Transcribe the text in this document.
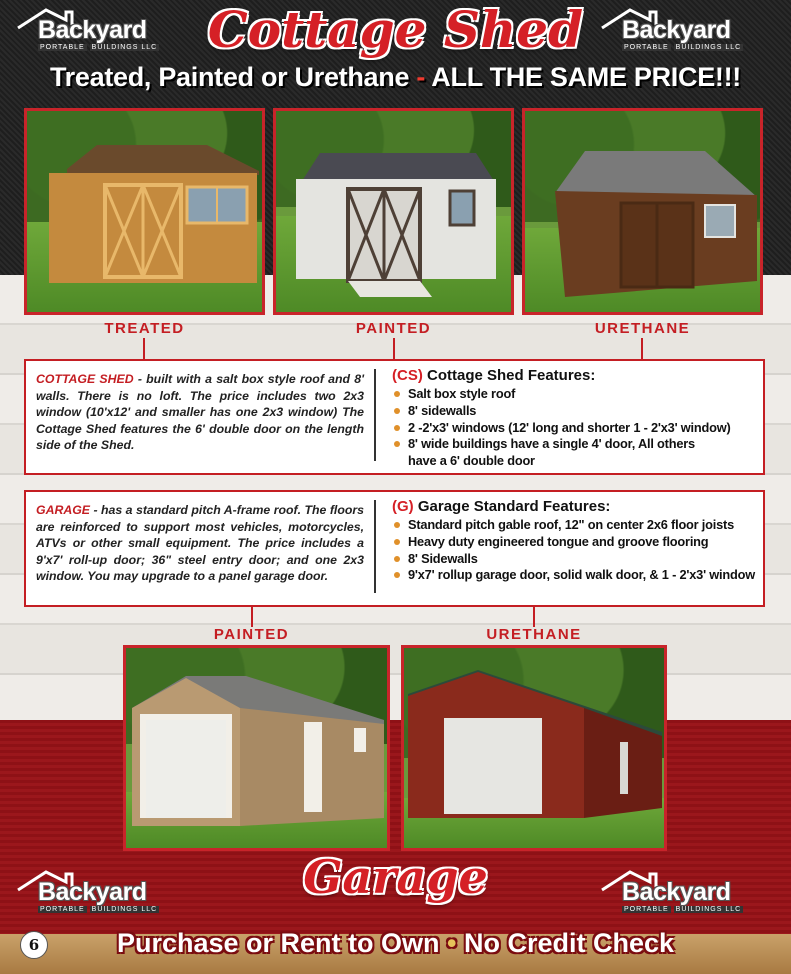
Backyard
PORTABLE BUILDINGS LLC
Backyard
PORTABLE BUILDINGS LLC
Cottage Shed
Treated, Painted or Urethane - ALL THE SAME PRICE!!!
TREATED	PAINTED	URETHANE
COTTAGE SHED - built with a salt box style roof and 8' walls. There is no loft. The price includes two 2x3 window (10'x12' and smaller has one 2x3 window) The Cottage Shed features the 6' double door on the length side of the Shed.
(CS) Cottage Shed Features:
Salt box style roof
8' sidewalls
2 -2'x3' windows (12' long and shorter 1 - 2'x3' window)
8' wide buildings have a single 4' door, All others have a 6' double door
GARAGE - has a standard pitch A-frame roof. The floors are reinforced to support most vehicles, motorcycles, ATVs or other small equipment. The price includes a 9'x7' roll-up door; 36" steel entry door; and one 2x3 window. You may upgrade to a panel garage door.
(G) Garage Standard Features:
Standard pitch gable roof, 12" on center 2x6 floor joists
Heavy duty engineered tongue and groove flooring
8' Sidewalls
9'x7' rollup garage door, solid walk door, & 1 - 2'x3' window
PAINTED	URETHANE
Garage
Backyard
PORTABLE BUILDINGS LLC
Backyard
PORTABLE BUILDINGS LLC
6	Purchase or Rent to Own • No Credit Check
